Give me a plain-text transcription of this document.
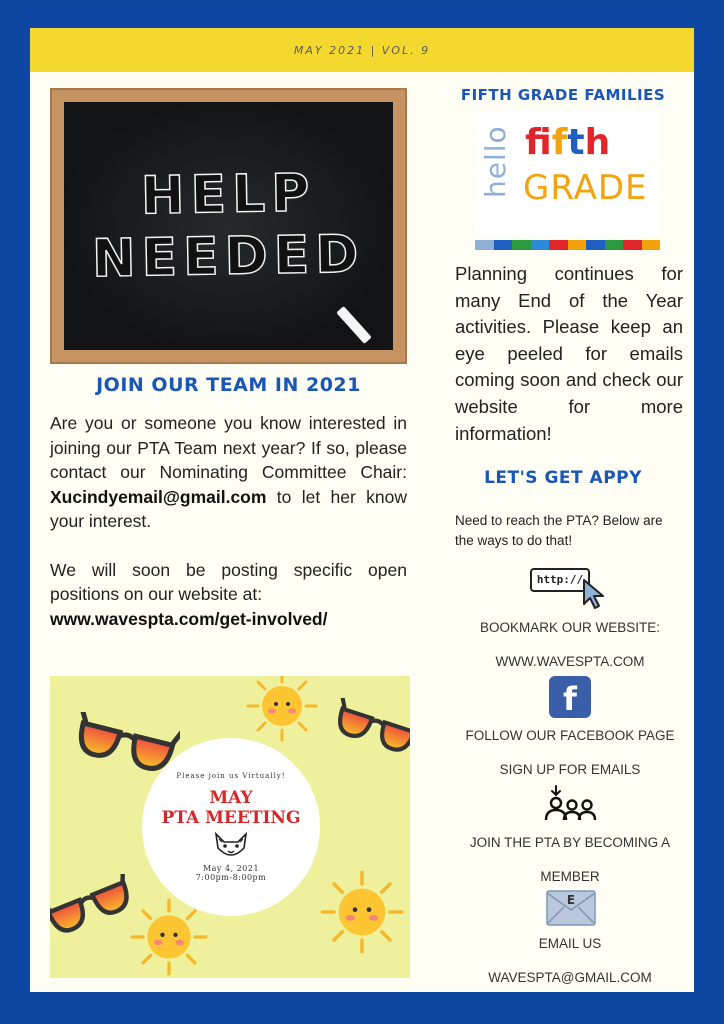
MAY 2021 | VOL. 9
HELP
NEEDED
JOIN OUR TEAM IN 2021

Are you or someone you know interested in joining our PTA Team next year? If so, please contact our Nominating Committee Chair: Xucindyemail@gmail.com to let her know your interest.

We will soon be posting specific open positions on our website at:
www.wavespta.com/get-involved/

Please join us Virtually!
MAY
PTA MEETING
May 4, 2021
7:00pm-8:00pm
FIFTH GRADE FAMILIES
hello ffth
GRADE
Planning continues for many End of the Year activities. Please keep an eye peeled for emails coming soon and check our website for more information!
LET'S GET APPY
Need to reach the PTA? Below are the ways to do that!
http://
BOOKMARK OUR WEBSITE:
WWW.WAVESPTA.COM
f
FOLLOW OUR FACEBOOK PAGE
SIGN UP FOR EMAILS
JOIN THE PTA BY BECOMING A
MEMBER
E
EMAIL US
WAVESPTA@GMAIL.COM
